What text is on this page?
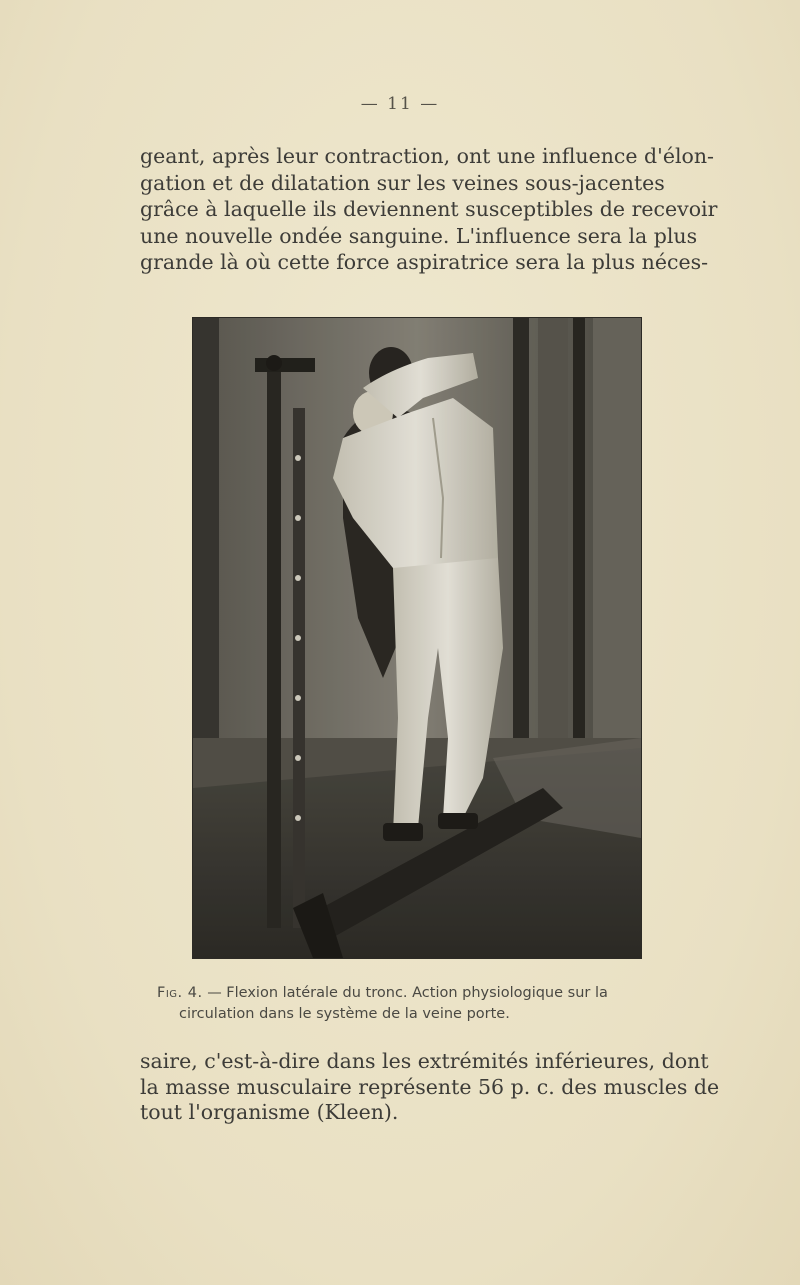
— 11 —
geant, après leur contraction, ont une influence d'élon-
gation et de dilatation sur les veines sous-jacentes
grâce à laquelle ils deviennent susceptibles de recevoir
une nouvelle ondée sanguine. L'influence sera la plus
grande là où cette force aspiratrice sera la plus néces-
Fig. 4. — Flexion latérale du tronc. Action physiologique sur la
circulation dans le système de la veine porte.
saire, c'est-à-dire dans les extrémités inférieures, dont
la masse musculaire représente 56 p. c. des muscles de
tout l'organisme (Kleen).
